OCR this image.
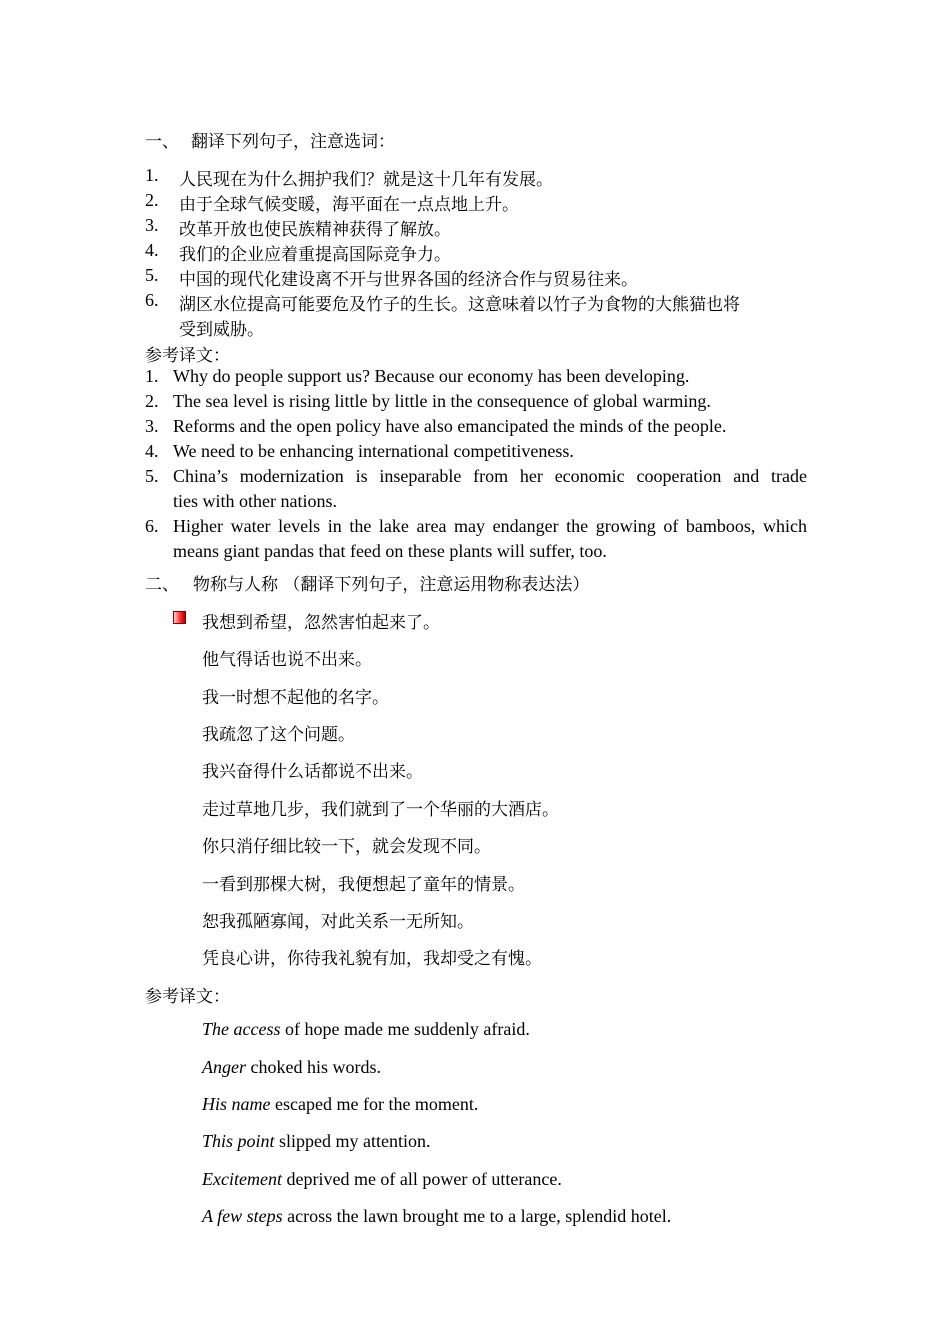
一、 翻译下列句子，注意选词：
1. 人民现在为什么拥护我们？就是这十几年有发展。
2. 由于全球气候变暖，海平面在一点点地上升。
3. 改革开放也使民族精神获得了解放。
4. 我们的企业应着重提高国际竞争力。
5. 中国的现代化建设离不开与世界各国的经济合作与贸易往来。
6. 湖区水位提高可能要危及竹子的生长。这意味着以竹子为食物的大熊猫也将
受到威胁。
参考译文：
1. Why do people support us? Because our economy has been developing.
2. The sea level is rising little by little in the consequence of global warming.
3. Reforms and the open policy have also emancipated the minds of the people.
4. We need to be enhancing international competitiveness.
5. China’s modernization is inseparable from her economic cooperation and trade
ties with other nations.
6. Higher water levels in the lake area may endanger the growing of bamboos, which
means giant pandas that feed on these plants will suffer, too.
二、 物称与人称 （翻译下列句子，注意运用物称表达法）
我想到希望，忽然害怕起来了。
他气得话也说不出来。
我一时想不起他的名字。
我疏忽了这个问题。
我兴奋得什么话都说不出来。
走过草地几步，我们就到了一个华丽的大酒店。
你只消仔细比较一下，就会发现不同。
一看到那棵大树，我便想起了童年的情景。
恕我孤陋寡闻，对此关系一无所知。
凭良心讲，你待我礼貌有加，我却受之有愧。
参考译文：
The access of hope made me suddenly afraid.
Anger choked his words.
His name escaped me for the moment.
This point slipped my attention.
Excitement deprived me of all power of utterance.
A few steps across the lawn brought me to a large, splendid hotel.
